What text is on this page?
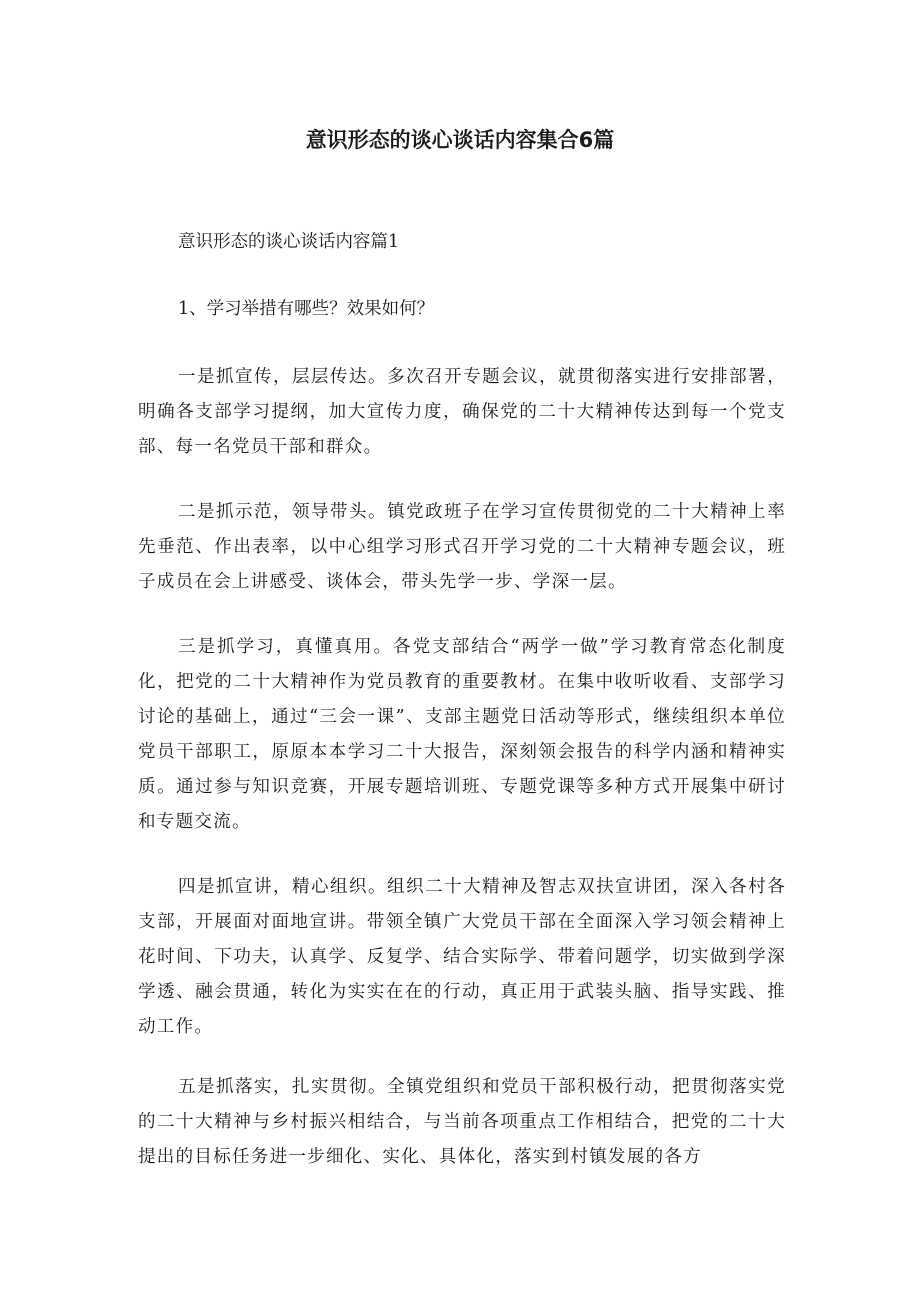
意识形态的谈心谈话内容集合6篇

意识形态的谈心谈话内容篇1

1、学习举措有哪些？效果如何？

一是抓宣传，层层传达。多次召开专题会议，就贯彻落实进行安排部署，明确各支部学习提纲，加大宣传力度，确保党的二十大精神传达到每一个党支部、每一名党员干部和群众。

二是抓示范，领导带头。镇党政班子在学习宣传贯彻党的二十大精神上率先垂范、作出表率，以中心组学习形式召开学习党的二十大精神专题会议，班子成员在会上讲感受、谈体会，带头先学一步、学深一层。

三是抓学习，真懂真用。各党支部结合“两学一做”学习教育常态化制度化，把党的二十大精神作为党员教育的重要教材。在集中收听收看、支部学习讨论的基础上，通过“三会一课”、支部主题党日活动等形式，继续组织本单位党员干部职工，原原本本学习二十大报告，深刻领会报告的科学内涵和精神实质。通过参与知识竞赛，开展专题培训班、专题党课等多种方式开展集中研讨和专题交流。

四是抓宣讲，精心组织。组织二十大精神及智志双扶宣讲团，深入各村各支部，开展面对面地宣讲。带领全镇广大党员干部在全面深入学习领会精神上花时间、下功夫，认真学、反复学、结合实际学、带着问题学，切实做到学深学透、融会贯通，转化为实实在在的行动，真正用于武装头脑、指导实践、推动工作。

五是抓落实，扎实贯彻。全镇党组织和党员干部积极行动，把贯彻落实党的二十大精神与乡村振兴相结合，与当前各项重点工作相结合，把党的二十大提出的目标任务进一步细化、实化、具体化，落实到村镇发展的各方
